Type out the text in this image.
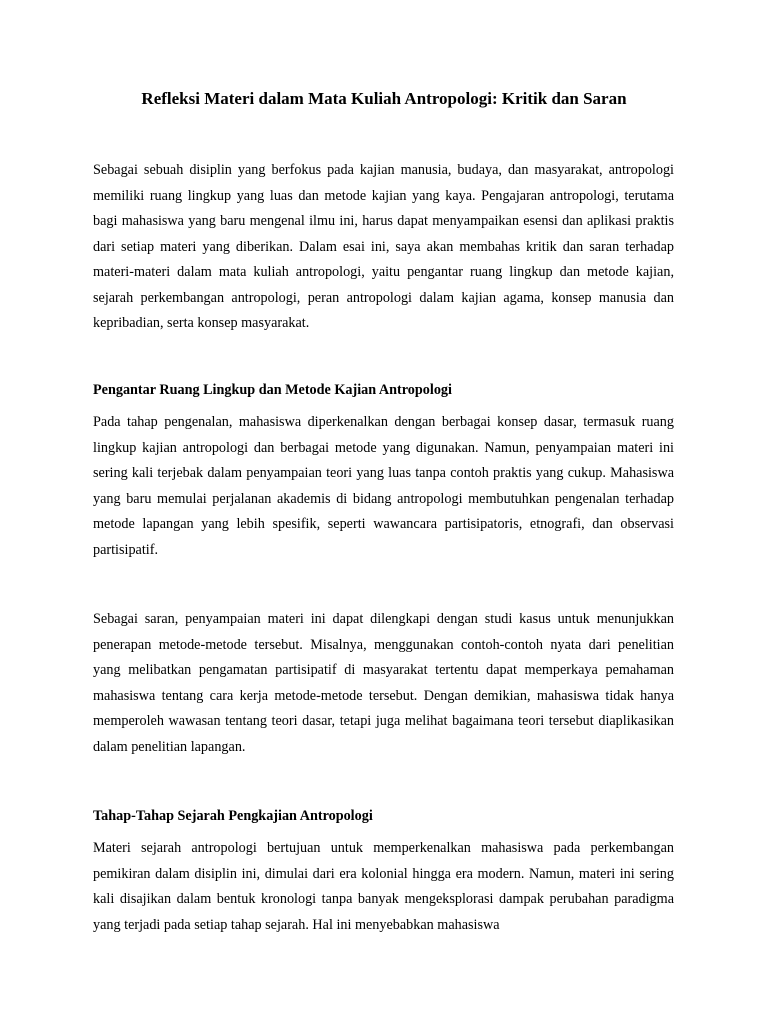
Refleksi Materi dalam Mata Kuliah Antropologi: Kritik dan Saran

Sebagai sebuah disiplin yang berfokus pada kajian manusia, budaya, dan masyarakat, antropologi memiliki ruang lingkup yang luas dan metode kajian yang kaya. Pengajaran antropologi, terutama bagi mahasiswa yang baru mengenal ilmu ini, harus dapat menyampaikan esensi dan aplikasi praktis dari setiap materi yang diberikan. Dalam esai ini, saya akan membahas kritik dan saran terhadap materi-materi dalam mata kuliah antropologi, yaitu pengantar ruang lingkup dan metode kajian, sejarah perkembangan antropologi, peran antropologi dalam kajian agama, konsep manusia dan kepribadian, serta konsep masyarakat.

Pengantar Ruang Lingkup dan Metode Kajian Antropologi

Pada tahap pengenalan, mahasiswa diperkenalkan dengan berbagai konsep dasar, termasuk ruang lingkup kajian antropologi dan berbagai metode yang digunakan. Namun, penyampaian materi ini sering kali terjebak dalam penyampaian teori yang luas tanpa contoh praktis yang cukup. Mahasiswa yang baru memulai perjalanan akademis di bidang antropologi membutuhkan pengenalan terhadap metode lapangan yang lebih spesifik, seperti wawancara partisipatoris, etnografi, dan observasi partisipatif.

Sebagai saran, penyampaian materi ini dapat dilengkapi dengan studi kasus untuk menunjukkan penerapan metode-metode tersebut. Misalnya, menggunakan contoh-contoh nyata dari penelitian yang melibatkan pengamatan partisipatif di masyarakat tertentu dapat memperkaya pemahaman mahasiswa tentang cara kerja metode-metode tersebut. Dengan demikian, mahasiswa tidak hanya memperoleh wawasan tentang teori dasar, tetapi juga melihat bagaimana teori tersebut diaplikasikan dalam penelitian lapangan.

Tahap-Tahap Sejarah Pengkajian Antropologi

Materi sejarah antropologi bertujuan untuk memperkenalkan mahasiswa pada perkembangan pemikiran dalam disiplin ini, dimulai dari era kolonial hingga era modern. Namun, materi ini sering kali disajikan dalam bentuk kronologi tanpa banyak mengeksplorasi dampak perubahan paradigma yang terjadi pada setiap tahap sejarah. Hal ini menyebabkan mahasiswa
